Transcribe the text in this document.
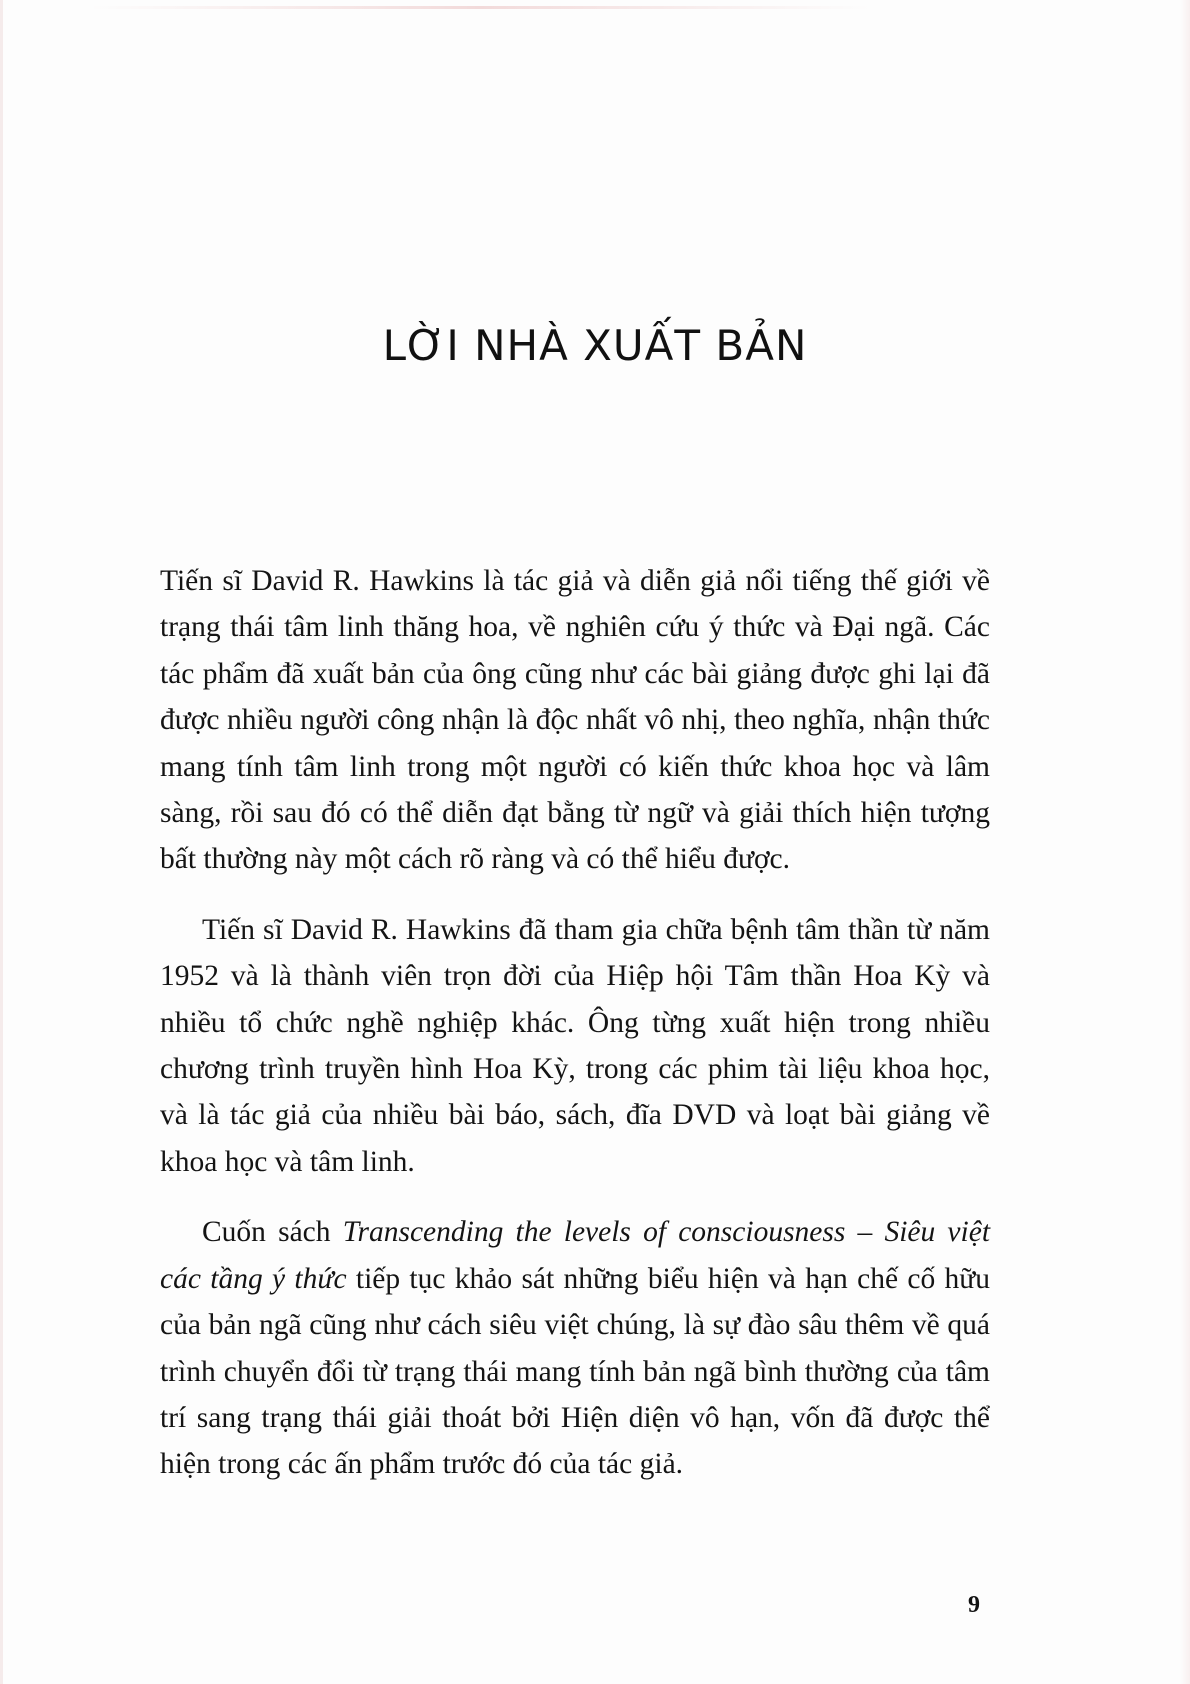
LỜI NHÀ XUẤT BẢN

Tiến sĩ David R. Hawkins là tác giả và diễn giả nổi tiếng thế giới về trạng thái tâm linh thăng hoa, về nghiên cứu ý thức và Đại ngã. Các tác phẩm đã xuất bản của ông cũng như các bài giảng được ghi lại đã được nhiều người công nhận là độc nhất vô nhị, theo nghĩa, nhận thức mang tính tâm linh trong một người có kiến thức khoa học và lâm sàng, rồi sau đó có thể diễn đạt bằng từ ngữ và giải thích hiện tượng bất thường này một cách rõ ràng và có thể hiểu được.

Tiến sĩ David R. Hawkins đã tham gia chữa bệnh tâm thần từ năm 1952 và là thành viên trọn đời của Hiệp hội Tâm thần Hoa Kỳ và nhiều tổ chức nghề nghiệp khác. Ông từng xuất hiện trong nhiều chương trình truyền hình Hoa Kỳ, trong các phim tài liệu khoa học, và là tác giả của nhiều bài báo, sách, đĩa DVD và loạt bài giảng về khoa học và tâm linh.

Cuốn sách Transcending the levels of consciousness – Siêu việt các tầng ý thức tiếp tục khảo sát những biểu hiện và hạn chế cố hữu của bản ngã cũng như cách siêu việt chúng, là sự đào sâu thêm về quá trình chuyển đổi từ trạng thái mang tính bản ngã bình thường của tâm trí sang trạng thái giải thoát bởi Hiện diện vô hạn, vốn đã được thể hiện trong các ấn phẩm trước đó của tác giả.

9
